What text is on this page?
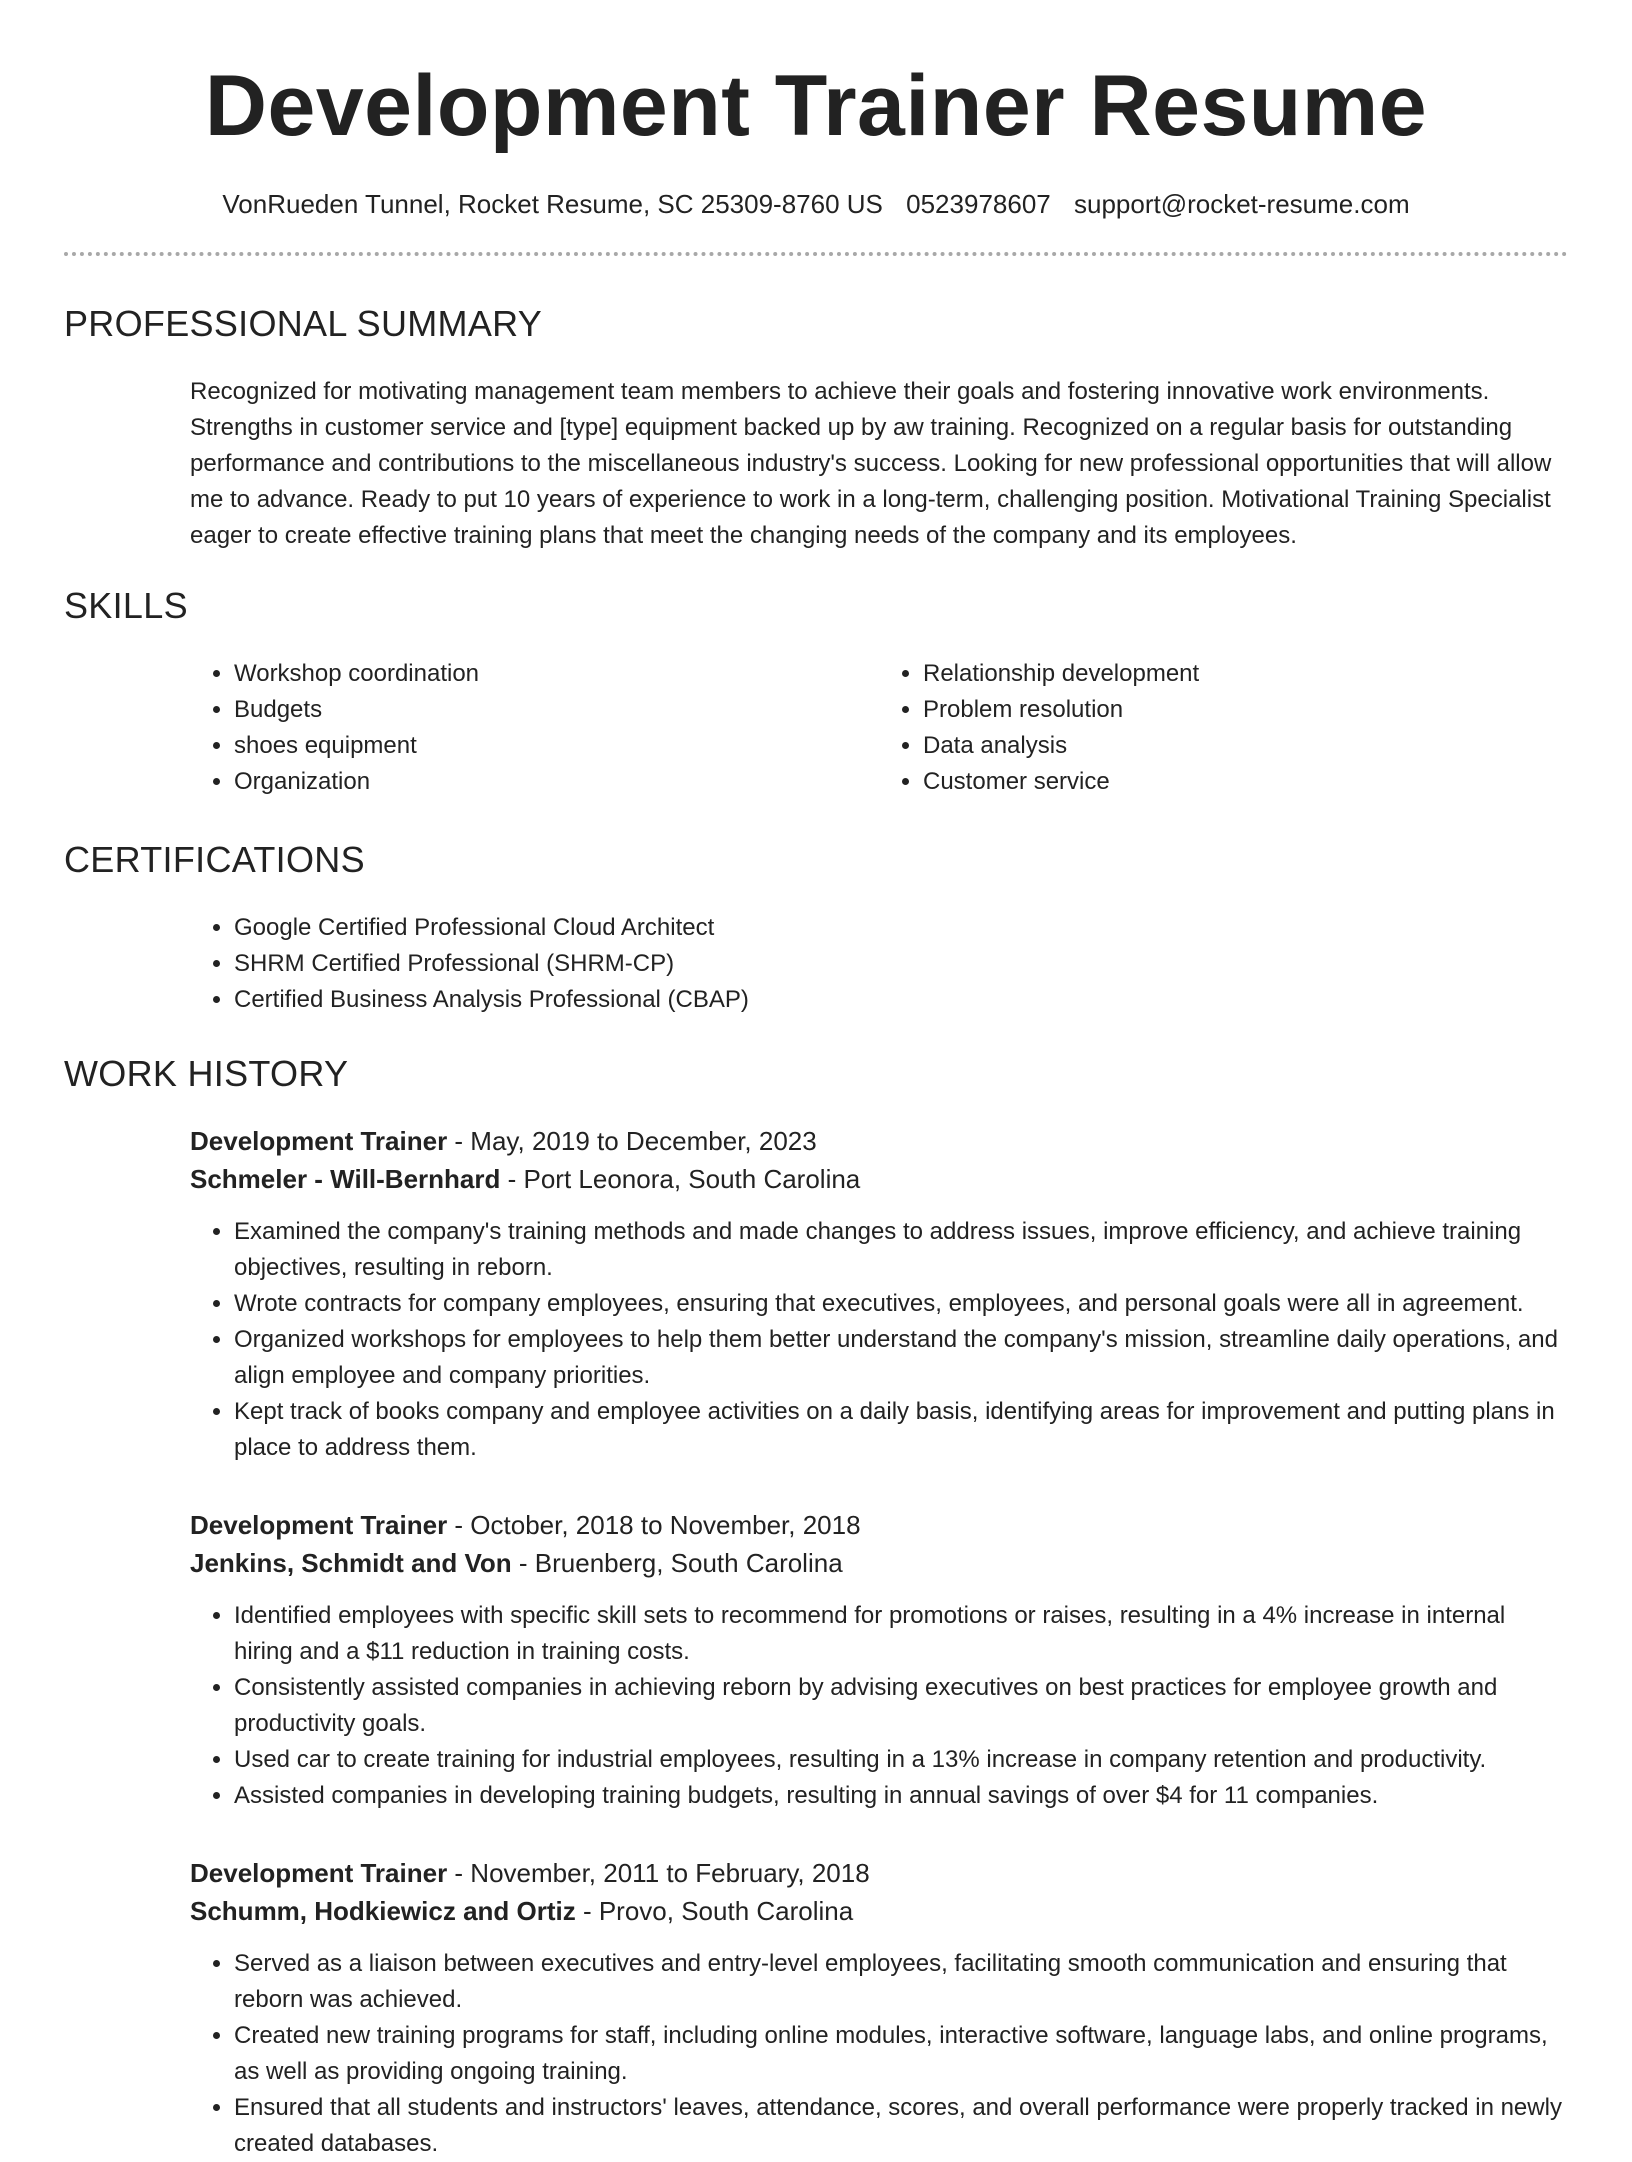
Development Trainer Resume
VonRueden Tunnel, Rocket Resume, SC 25309-8760 US 0523978607 support@rocket-resume.com
PROFESSIONAL SUMMARY

Recognized for motivating management team members to achieve their goals and fostering innovative work environments. Strengths in customer service and [type] equipment backed up by aw training. Recognized on a regular basis for outstanding performance and contributions to the miscellaneous industry's success. Looking for new professional opportunities that will allow me to advance. Ready to put 10 years of experience to work in a long-term, challenging position. Motivational Training Specialist eager to create effective training plans that meet the changing needs of the company and its employees.

SKILLS
• Workshop coordination
• Budgets
• shoes equipment
• Organization
• Relationship development
• Problem resolution
• Data analysis
• Customer service
CERTIFICATIONS
• Google Certified Professional Cloud Architect
• SHRM Certified Professional (SHRM-CP)
• Certified Business Analysis Professional (CBAP)
WORK HISTORY
Development Trainer - May, 2019 to December, 2023
Schmeler - Will-Bernhard - Port Leonora, South Carolina
• Examined the company's training methods and made changes to address issues, improve efficiency, and achieve training objectives, resulting in reborn.
• Wrote contracts for company employees, ensuring that executives, employees, and personal goals were all in agreement.
• Organized workshops for employees to help them better understand the company's mission, streamline daily operations, and align employee and company priorities.
• Kept track of books company and employee activities on a daily basis, identifying areas for improvement and putting plans in place to address them.
Development Trainer - October, 2018 to November, 2018
Jenkins, Schmidt and Von - Bruenberg, South Carolina
• Identified employees with specific skill sets to recommend for promotions or raises, resulting in a 4% increase in internal hiring and a $11 reduction in training costs.
• Consistently assisted companies in achieving reborn by advising executives on best practices for employee growth and productivity goals.
• Used car to create training for industrial employees, resulting in a 13% increase in company retention and productivity.
• Assisted companies in developing training budgets, resulting in annual savings of over $4 for 11 companies.
Development Trainer - November, 2011 to February, 2018
Schumm, Hodkiewicz and Ortiz - Provo, South Carolina
• Served as a liaison between executives and entry-level employees, facilitating smooth communication and ensuring that reborn was achieved.
• Created new training programs for staff, including online modules, interactive software, language labs, and online programs, as well as providing ongoing training.
• Ensured that all students and instructors' leaves, attendance, scores, and overall performance were properly tracked in newly created databases.
